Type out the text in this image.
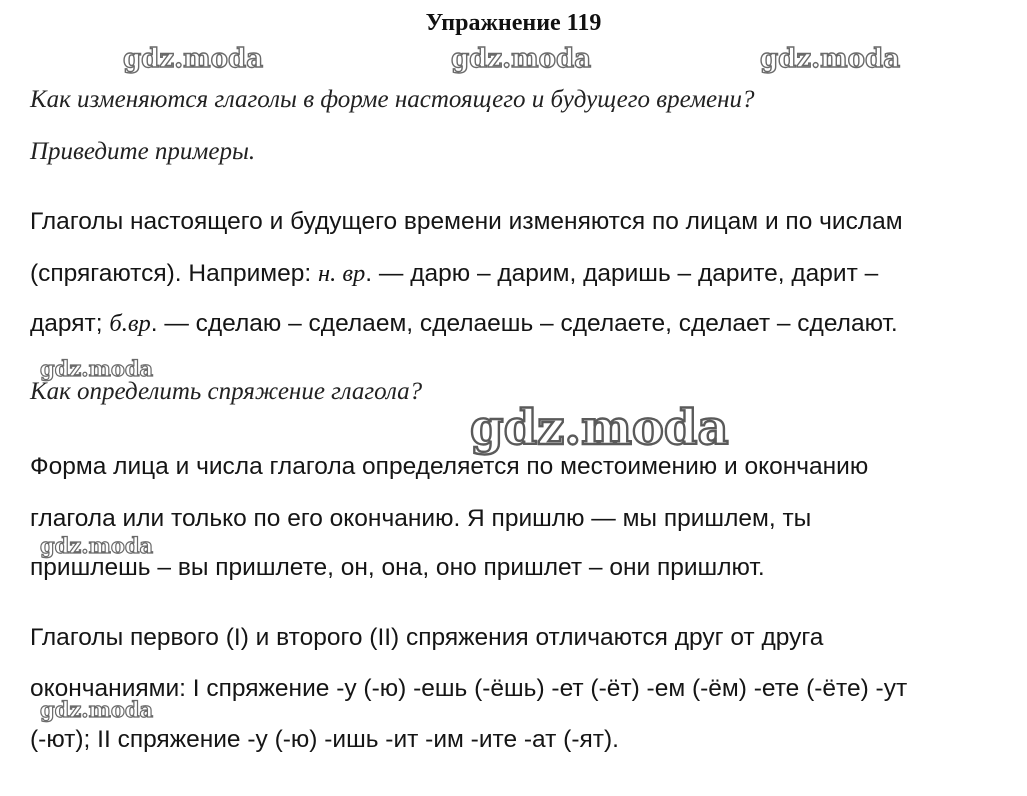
Упражнение 119
gdz.moda	gdz.moda	gdz.moda
Как изменяются глаголы в форме настоящего и будущего времени?
Приведите примеры.
Глаголы настоящего и будущего времени изменяются по лицам и по числам
(спрягаются). Например: н. вр. — дарю – дарим, даришь – дарите, дарит –
дарят; б.вр. — сделаю – сделаем, сделаешь – сделаете, сделает – сделают.
gdz.moda
Как определить спряжение глагола?
gdz.moda
Форма лица и числа глагола определяется по местоимению и окончанию
глагола или только по его окончанию. Я пришлю — мы пришлем, ты
gdz.moda
пришлешь – вы пришлете, он, она, оно пришлет – они пришлют.
Глаголы первого (I) и второго (II) спряжения отличаются друг от друга
окончаниями: I спряжение -у (-ю) -ешь (-ёшь) -ет (-ёт) -ем (-ём) -ете (-ёте) -ут
gdz.moda
(-ют); II спряжение -у (-ю) -ишь -ит -им -ите -ат (-ят).
